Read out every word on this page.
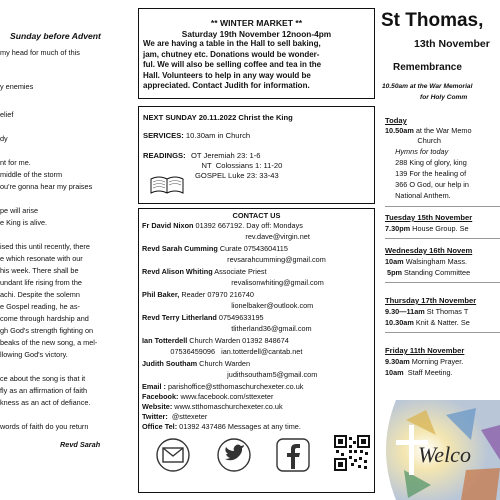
Sunday before Advent
my head for much of this
y enemies
elief
dy
nt for me.
middle of the storm
ou're gonna hear my praises
pe will arise
e King is alive.
ised this until recently, there
e which resonate with our
his week. There shall be
undant life rising from the
achi. Despite the solemn
e Gospel reading, he as-
come through hardship and
gh God's strength fighting on
beaks of the new song, a mel-
llowing God's victory.
ce about the song is that it
fly as an affirmation of faith
kness as an act of defiance.
words of faith do you return
Revd Sarah
** WINTER MARKET **
Saturday 19th November 12noon-4pm
We are having a table in the Hall to sell baking,
jam, chutney etc. Donations would be wonder-
ful. We will also be selling coffee and tea in the
Hall. Volunteers to help in any way would be
appreciated. Contact Judith for information.
NEXT SUNDAY 20.11.2022 Christ the King
SERVICES: 10.30am in Church
READINGS: OT Jeremiah 23: 1-6
NT  Colossians 1: 11-20
GOSPEL Luke 23: 33-43
CONTACT US
Fr David Nixon 01392 667192. Day off: Mondays
rev.dave@virgin.net
Revd Sarah Cumming Curate 07543604115
revsarahcumming@gmail.com
Revd Alison Whiting Associate Priest
revalisonwhiting@gmail.com
Phil Baker, Reader 07970 216740
lionelbaker@outlook.com
Revd Terry Litherland 07549633195
tlitherland36@gmail.com
Ian Totterdell Church Warden 01392 848674
07536459096   ian.totterdell@cantab.net
Judith Southam Church Warden
judithsoutham5@gmail.com
Email : parishoffice@stthomaschurchexeter.co.uk
Facebook: www.facebook.com/sttexeter
Website: www.stthomaschurchexeter.co.uk
Twitter:  @sttexeter
Office Tel: 01392 437486 Messages at any time.
St Thomas,
13th November
Remembrance
10.50am at the War Memorial
for Holy Comm
Today
10.50am at the War Memo
Church
Hymns for today
288 King of glory, king
139 For the healing of
366 O God, our help in
National Anthem.
Tuesday 15th November
7.30pm House Group. Se
Wednesday 16th Novem
10am Walsingham Mass.
5pm Standing Committee
Thursday 17th November
9.30—11am St Thomas T
10.30am Knit & Natter. Se
Friday 11th November
9.30am Morning Prayer.
10am  Staff Meeting.
Welco
